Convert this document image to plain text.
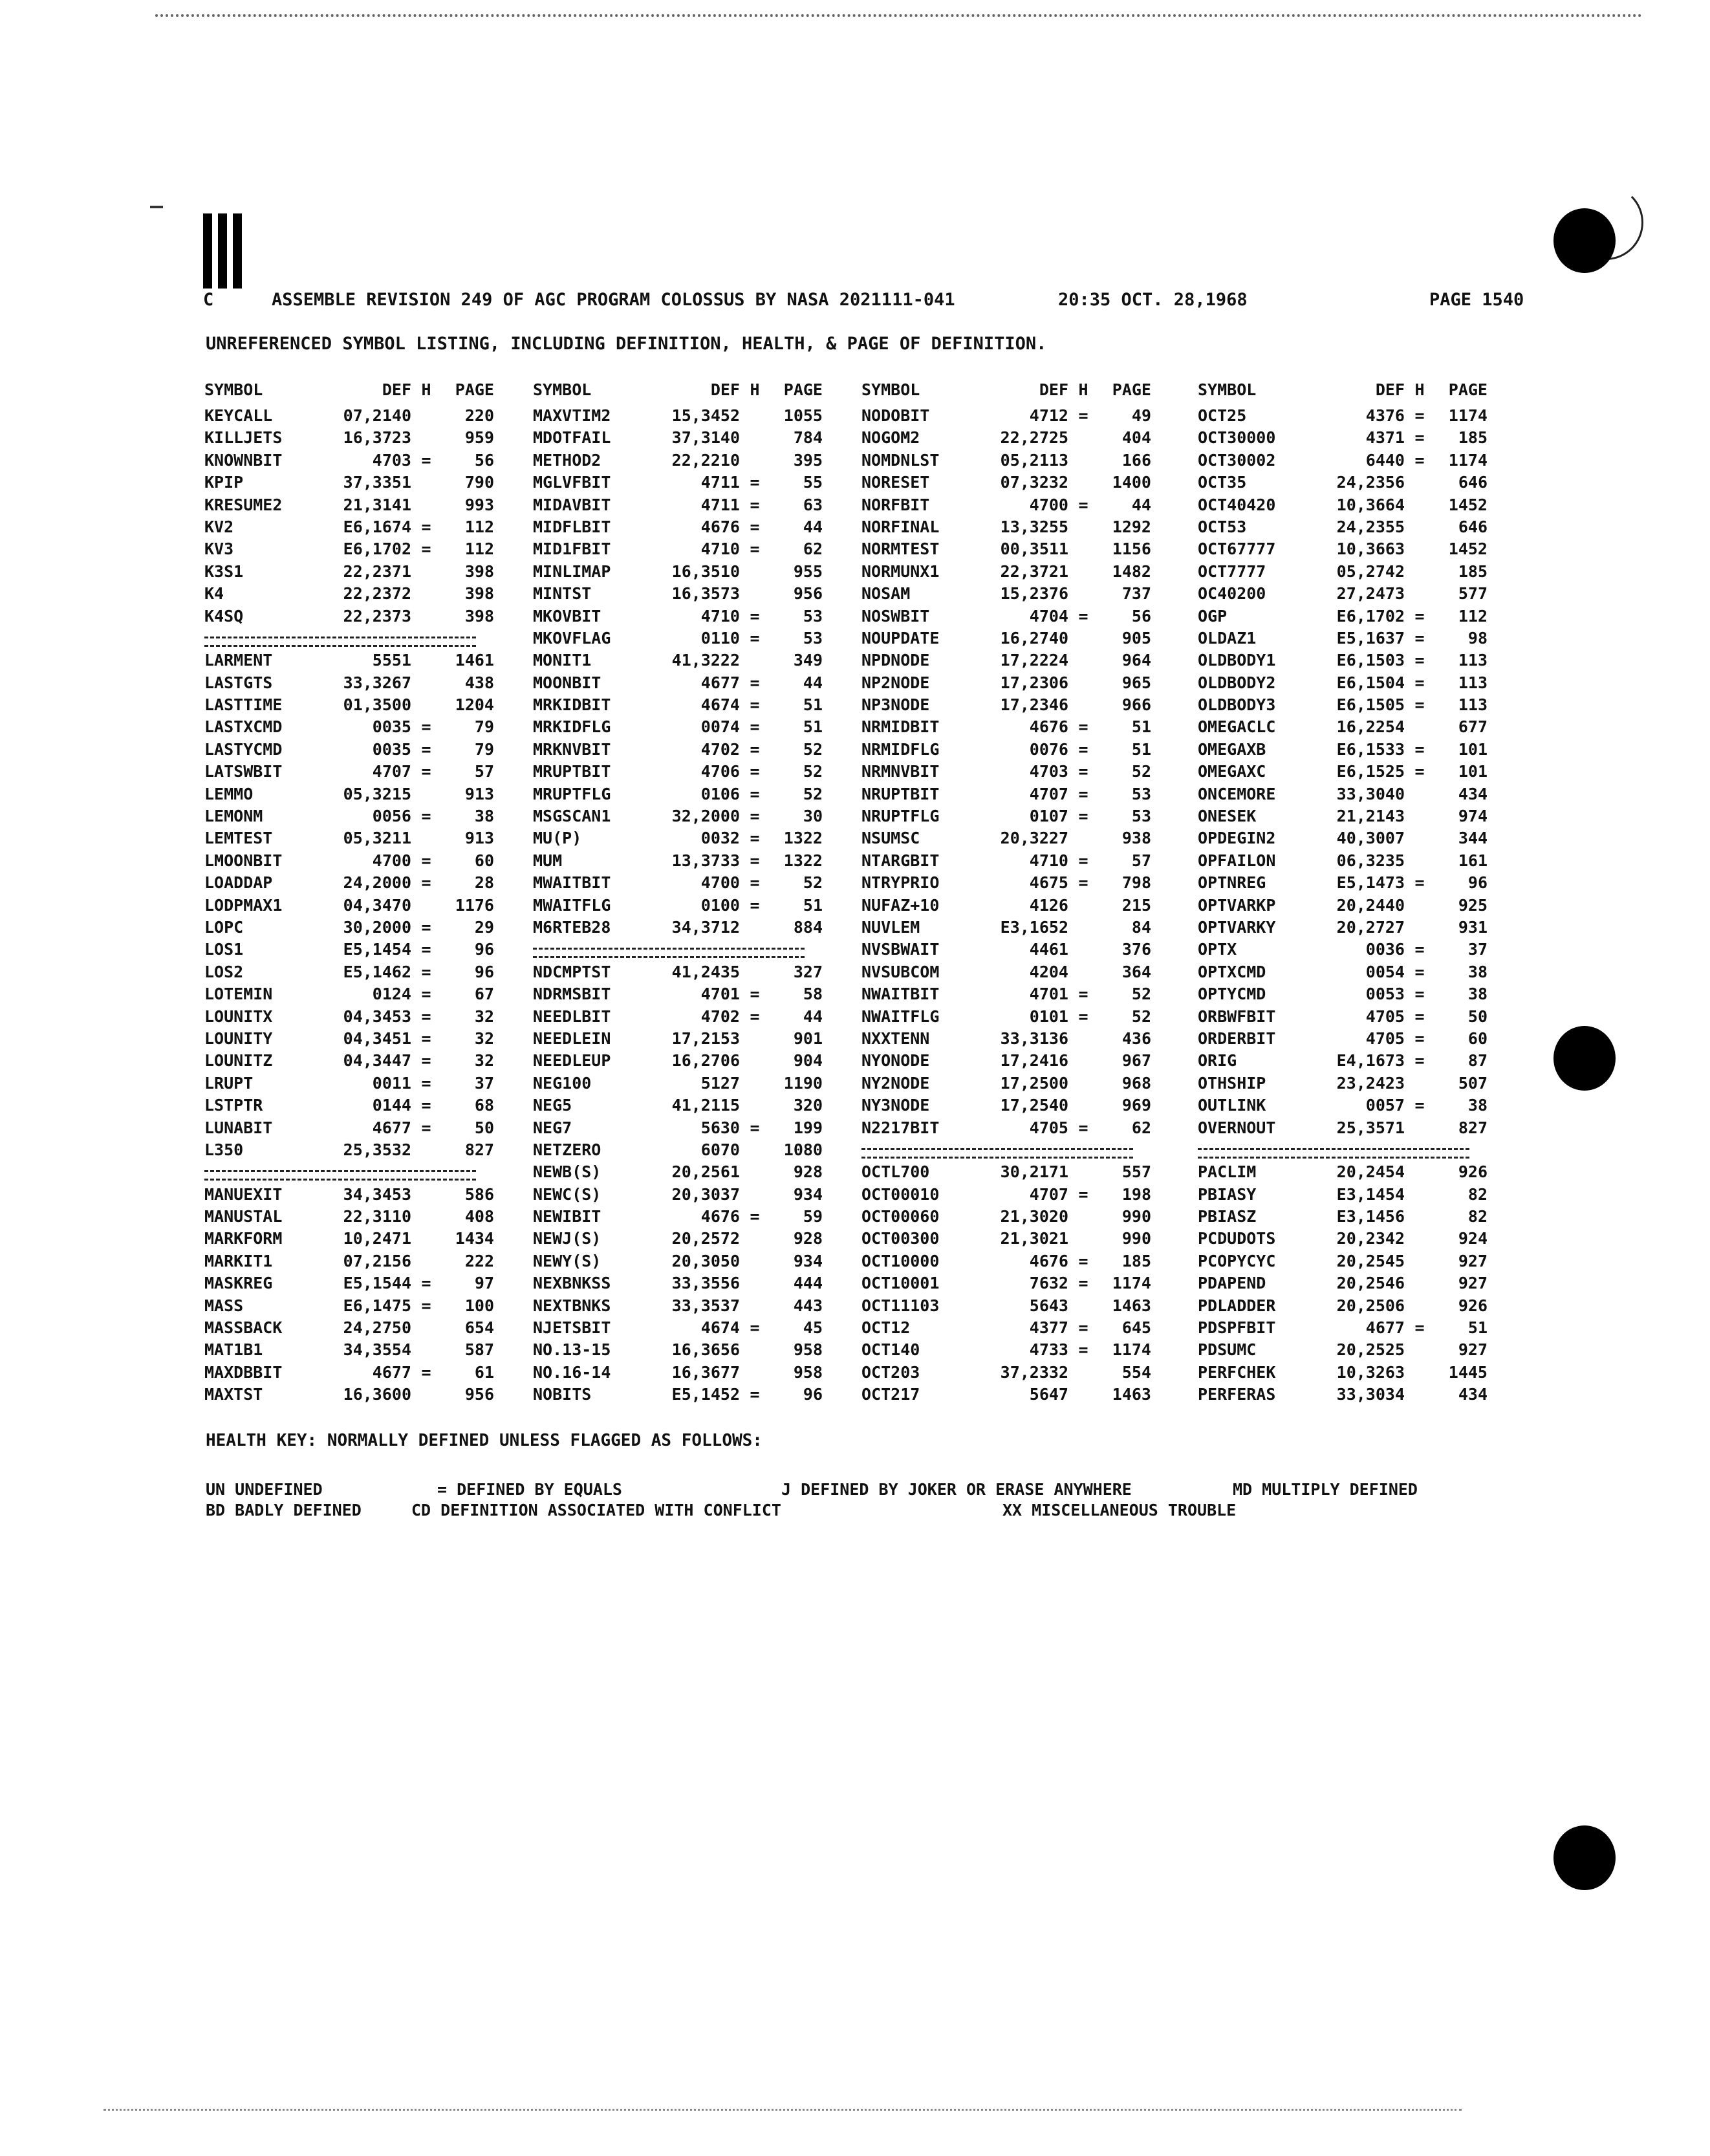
C	ASSEMBLE REVISION 249 OF AGC PROGRAM COLOSSUS BY NASA 2021111-041	20:35 OCT. 28,1968	PAGE 1540
UNREFERENCED SYMBOL LISTING, INCLUDING DEFINITION, HEALTH, & PAGE OF DEFINITION.
SYMBOL	DEF H	PAGE
KEYCALL	07,2140	220
KILLJETS	16,3723	959
KNOWNBIT	4703 =	56
KPIP	37,3351	790
KRESUME2	21,3141	993
KV2	E6,1674 =	112
KV3	E6,1702 =	112
K3S1	22,2371	398
K4	22,2372	398
K4SQ	22,2373	398
LARMENT	5551	1461
LASTGTS	33,3267	438
LASTTIME	01,3500	1204
LASTXCMD	0035 =	79
LASTYCMD	0035 =	79
LATSWBIT	4707 =	57
LEMMO	05,3215	913
LEMONM	0056 =	38
LEMTEST	05,3211	913
LMOONBIT	4700 =	60
LOADDAP	24,2000 =	28
LODPMAX1	04,3470	1176
LOPC	30,2000 =	29
LOS1	E5,1454 =	96
LOS2	E5,1462 =	96
LOTEMIN	0124 =	67
LOUNITX	04,3453 =	32
LOUNITY	04,3451 =	32
LOUNITZ	04,3447 =	32
LRUPT	0011 =	37
LSTPTR	0144 =	68
LUNABIT	4677 =	50
L350	25,3532	827
MANUEXIT	34,3453	586
MANUSTAL	22,3110	408
MARKFORM	10,2471	1434
MARKIT1	07,2156	222
MASKREG	E5,1544 =	97
MASS	E6,1475 =	100
MASSBACK	24,2750	654
MAT1B1	34,3554	587
MAXDBBIT	4677 =	61
MAXTST	16,3600	956
SYMBOL	DEF H	PAGE
MAXVTIM2	15,3452	1055
MDOTFAIL	37,3140	784
METHOD2	22,2210	395
MGLVFBIT	4711 =	55
MIDAVBIT	4711 =	63
MIDFLBIT	4676 =	44
MID1FBIT	4710 =	62
MINLIMAP	16,3510	955
MINTST	16,3573	956
MKOVBIT	4710 =	53
MKOVFLAG	0110 =	53
MONIT1	41,3222	349
MOONBIT	4677 =	44
MRKIDBIT	4674 =	51
MRKIDFLG	0074 =	51
MRKNVBIT	4702 =	52
MRUPTBIT	4706 =	52
MRUPTFLG	0106 =	52
MSGSCAN1	32,2000 =	30
MU(P)	0032 =	1322
MUM	13,3733 =	1322
MWAITBIT	4700 =	52
MWAITFLG	0100 =	51
M6RTEB28	34,3712	884
NDCMPTST	41,2435	327
NDRMSBIT	4701 =	58
NEEDLBIT	4702 =	44
NEEDLEIN	17,2153	901
NEEDLEUP	16,2706	904
NEG100	5127	1190
NEG5	41,2115	320
NEG7	5630 =	199
NETZERO	6070	1080
NEWB(S)	20,2561	928
NEWC(S)	20,3037	934
NEWIBIT	4676 =	59
NEWJ(S)	20,2572	928
NEWY(S)	20,3050	934
NEXBNKSS	33,3556	444
NEXTBNKS	33,3537	443
NJETSBIT	4674 =	45
NO.13-15	16,3656	958
NO.16-14	16,3677	958
NOBITS	E5,1452 =	96
SYMBOL	DEF H	PAGE
NODOBIT	4712 =	49
NOGOM2	22,2725	404
NOMDNLST	05,2113	166
NORESET	07,3232	1400
NORFBIT	4700 =	44
NORFINAL	13,3255	1292
NORMTEST	00,3511	1156
NORMUNX1	22,3721	1482
NOSAM	15,2376	737
NOSWBIT	4704 =	56
NOUPDATE	16,2740	905
NPDNODE	17,2224	964
NP2NODE	17,2306	965
NP3NODE	17,2346	966
NRMIDBIT	4676 =	51
NRMIDFLG	0076 =	51
NRMNVBIT	4703 =	52
NRUPTBIT	4707 =	53
NRUPTFLG	0107 =	53
NSUMSC	20,3227	938
NTARGBIT	4710 =	57
NTRYPRIO	4675 =	798
NUFAZ+10	4126	215
NUVLEM	E3,1652	84
NVSBWAIT	4461	376
NVSUBCOM	4204	364
NWAITBIT	4701 =	52
NWAITFLG	0101 =	52
NXXTENN	33,3136	436
NYONODE	17,2416	967
NY2NODE	17,2500	968
NY3NODE	17,2540	969
N2217BIT	4705 =	62
OCTL700	30,2171	557
OCT00010	4707 =	198
OCT00060	21,3020	990
OCT00300	21,3021	990
OCT10000	4676 =	185
OCT10001	7632 =	1174
OCT11103	5643	1463
OCT12	4377 =	645
OCT140	4733 =	1174
OCT203	37,2332	554
OCT217	5647	1463
SYMBOL	DEF H	PAGE
OCT25	4376 =	1174
OCT30000	4371 =	185
OCT30002	6440 =	1174
OCT35	24,2356	646
OCT40420	10,3664	1452
OCT53	24,2355	646
OCT67777	10,3663	1452
OCT7777	05,2742	185
OC40200	27,2473	577
OGP	E6,1702 =	112
OLDAZ1	E5,1637 =	98
OLDBODY1	E6,1503 =	113
OLDBODY2	E6,1504 =	113
OLDBODY3	E6,1505 =	113
OMEGACLC	16,2254	677
OMEGAXB	E6,1533 =	101
OMEGAXC	E6,1525 =	101
ONCEMORE	33,3040	434
ONESEK	21,2143	974
OPDEGIN2	40,3007	344
OPFAILON	06,3235	161
OPTNREG	E5,1473 =	96
OPTVARKP	20,2440	925
OPTVARKY	20,2727	931
OPTX	0036 =	37
OPTXCMD	0054 =	38
OPTYCMD	0053 =	38
ORBWFBIT	4705 =	50
ORDERBIT	4705 =	60
ORIG	E4,1673 =	87
OTHSHIP	23,2423	507
OUTLINK	0057 =	38
OVERNOUT	25,3571	827
PACLIM	20,2454	926
PBIASY	E3,1454	82
PBIASZ	E3,1456	82
PCDUDOTS	20,2342	924
PCOPYCYC	20,2545	927
PDAPEND	20,2546	927
PDLADDER	20,2506	926
PDSPFBIT	4677 =	51
PDSUMC	20,2525	927
PERFCHEK	10,3263	1445
PERFERAS	33,3034	434
HEALTH KEY: NORMALLY DEFINED UNLESS FLAGGED AS FOLLOWS:
UN UNDEFINED	= DEFINED BY EQUALS	J DEFINED BY JOKER OR ERASE ANYWHERE	MD MULTIPLY DEFINED
BD BADLY DEFINED	CD DEFINITION ASSOCIATED WITH CONFLICT	XX MISCELLANEOUS TROUBLE
